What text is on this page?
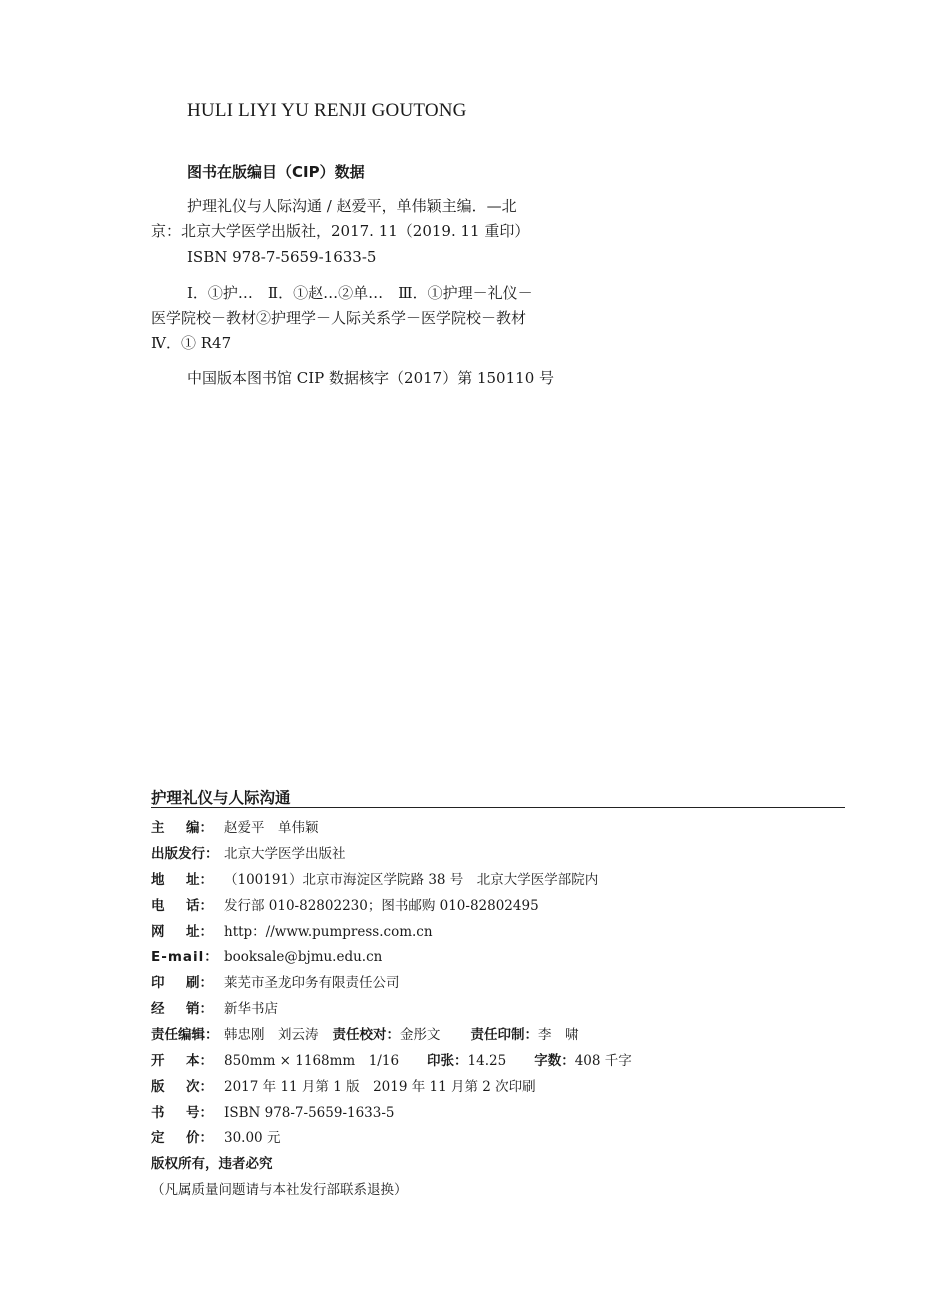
HULI LIYI YU RENJI GOUTONG
图书在版编目（CIP）数据
护理礼仪与人际沟通 / 赵爱平，单伟颖主编．—北
京：北京大学医学出版社，2017. 11（2019. 11 重印）
ISBN 978-7-5659-1633-5
Ⅰ．①护…　Ⅱ．①赵…②单…　Ⅲ．①护理－礼仪－
医学院校－教材②护理学－人际关系学－医学院校－教材
Ⅳ．① R47
中国版本图书馆 CIP 数据核字（2017）第 150110 号
护理礼仪与人际沟通
主 编： 赵爱平　单伟颖
出版发行： 北京大学医学出版社
地 址： （100191）北京市海淀区学院路 38 号　北京大学医学部院内
电 话： 发行部 010-82802230；图书邮购 010-82802495
网 址： http：//www.pumpress.com.cn
E-mail： booksale@bjmu.edu.cn
印 刷： 莱芜市圣龙印务有限责任公司
经 销： 新华书店
责任编辑： 韩忠刚　刘云涛 责任校对：金彤文 责任印制：李　啸
开 本： 850mm × 1168mm　1/16 印张：14.25 字数：408 千字
版 次： 2017 年 11 月第 1 版　2019 年 11 月第 2 次印刷
书 号： ISBN 978-7-5659-1633-5
定 价： 30.00 元
版权所有，违者必究
（凡属质量问题请与本社发行部联系退换）
